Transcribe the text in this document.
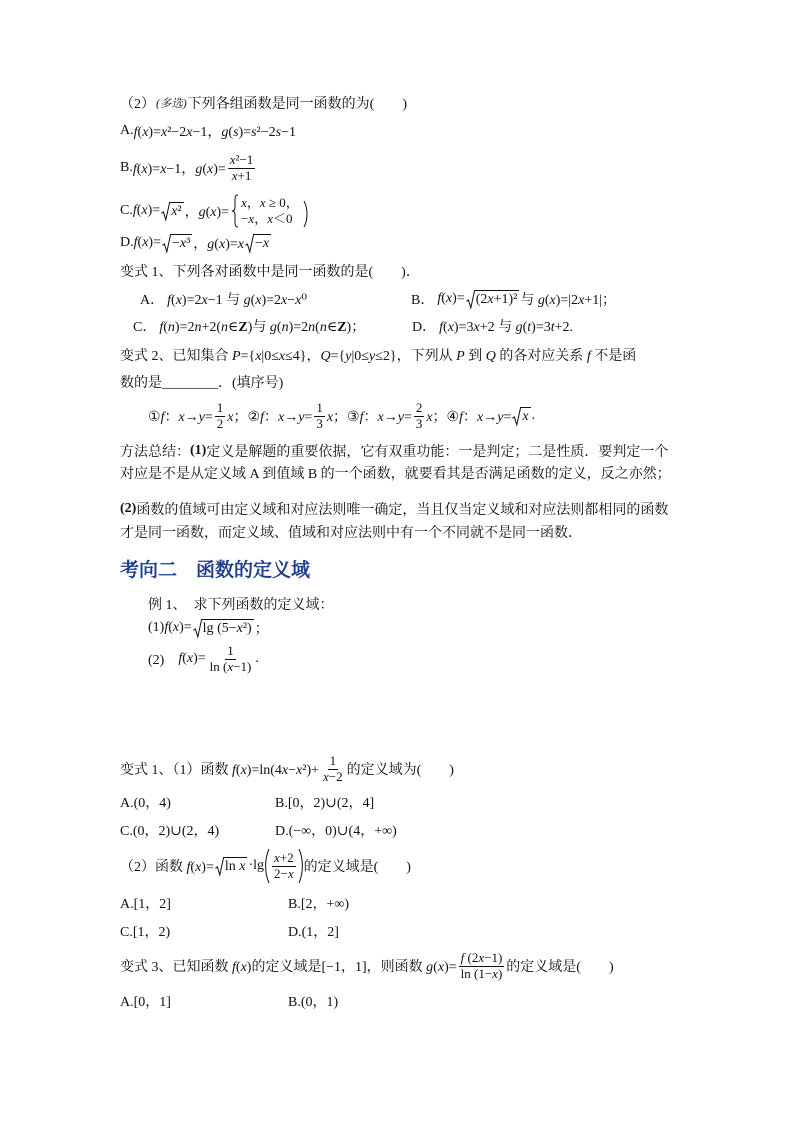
（2） (多选) 下列各组函数是同一函数的为(　　)
A. f(x)=x²−2x−1，g(s)=s²−2s−1
B. f(x)=x−1，$g(x)= \frac{\text{x²−1}}{x+1}$
C. f(x)= x² ，g(x)=
x，x ≥ 0，
−x，x＜0
D. f(x)= −x³ ，g(x)=x −x
变式 1、下列各对函数中是同一函数的是(　　)．
A． f(x)=2x−1 与 g(x)=2x−x⁰	B． f(x)= (2x+1)² 与 g(x)=|2x+1|；
C． f(n)=2n+2(n∈Z)与 g(n)=2n(n∈Z)；	D． f(x)=3x+2 与 g(t)=3t+2.
变式 2、已知集合 P={x|0≤x≤4}，Q={y|0≤y≤2}，下列从 P 到 Q 的各对应关系 f 不是函
数的是________．(填序号)
①f：$x\to y= \frac{1}{2}$ x； ②f：$x\to y= \frac{1}{3}$ x； ③f：$x\to y= \frac{2}{3}$ x； ④f：x→y= x .
方法总结： (1) 定义是解题的重要依据，它有双重功能：一是判定；二是性质．要判定一个
对应是不是从定义域 A 到值域 B 的一个函数，就要看其是否满足函数的定义，反之亦然；
(2) 函数的值域可由定义域和对应法则唯一确定，当且仅当定义域和对应法则都相同的函数
才是同一函数，而定义域、值域和对应法则中有一个不同就不是同一函数．
考向二　函数的定义域
例 1、　求下列函数的定义域：
(1) f(x)= lg (5−x²) ；
(2)　 $f(x)= \frac{1}{\ln (x-1)}$ .
变式 1、（1）函数 $f(x)=\ln(4x-x^2)+ \frac{1}{x-2}$ 的定义域为(　　)
A.(0，4)	B.[0，2)∪(2，4]
C.(0，2)∪(2，4)	D.(−∞，0)∪(4，+∞)
（2）函数 $f(x)= \ln x \cdot\lg \frac{x+2}{2-x}$ 的定义域是(　　)
A.[1，2]	B.[2，+∞)
C.[1，2)	D.(1，2]
变式 3、已知函数 f(x)的定义域是[−1，1]，则函数 $g(x)= \frac{f (2x-1)}{\ln (1-x)}$ 的定义域是(　　)
A.[0，1]	B.(0，1)
